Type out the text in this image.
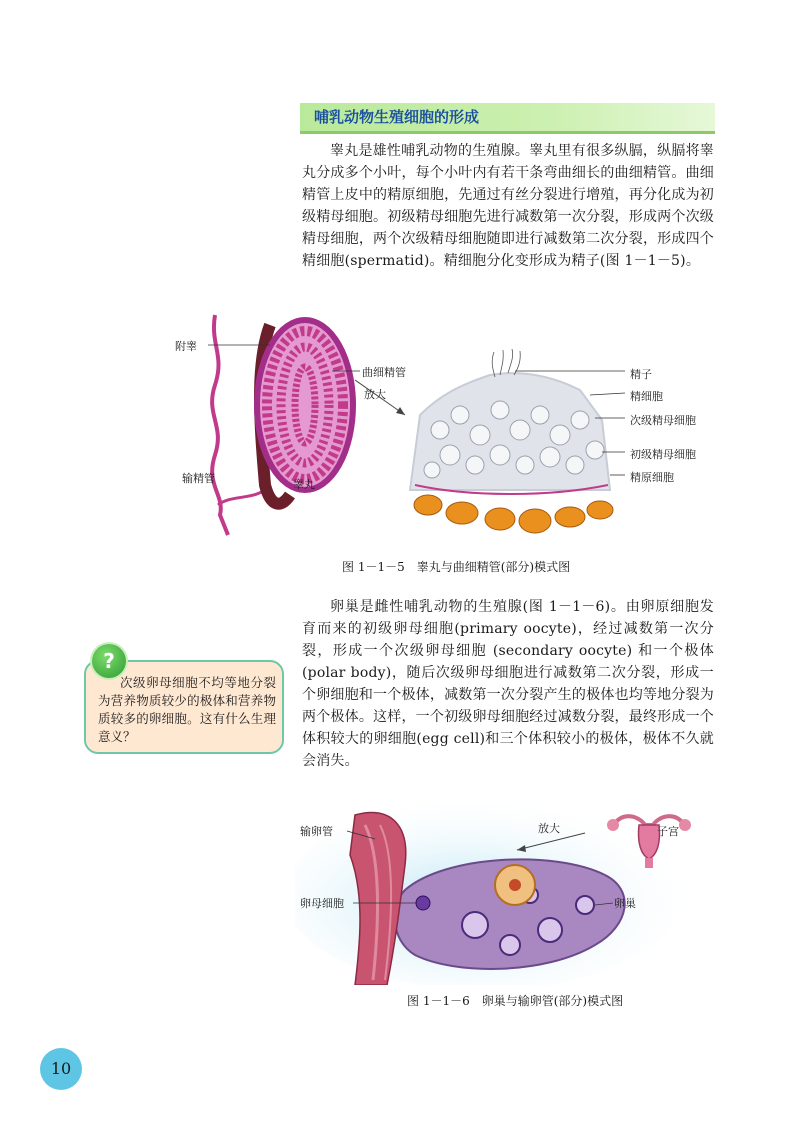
哺乳动物生殖细胞的形成
睾丸是雄性哺乳动物的生殖腺。睾丸里有很多纵膈，纵膈将睾丸分成多个小叶，每个小叶内有若干条弯曲细长的曲细精管。曲细精管上皮中的精原细胞，先通过有丝分裂进行增殖，再分化成为初级精母细胞。初级精母细胞先进行减数第一次分裂，形成两个次级精母细胞，两个次级精母细胞随即进行减数第二次分裂，形成四个精细胞(spermatid)。精细胞分化变形成为精子(图 1－1－5)。
附睾
曲细精管
放大
输精管	睾丸
精子
精细胞
次级精母细胞
初级精母细胞
精原细胞
图 1－1－5　睾丸与曲细精管(部分)模式图
卵巢是雌性哺乳动物的生殖腺(图 1－1－6)。由卵原细胞发育而来的初级卵母细胞(primary oocyte)，经过减数第一次分裂，形成一个次级卵母细胞 (secondary oocyte) 和一个极体(polar body)，随后次级卵母细胞进行减数第二次分裂，形成一个卵细胞和一个极体，减数第一次分裂产生的极体也均等地分裂为两个极体。这样，一个初级卵母细胞经过减数分裂，最终形成一个体积较大的卵细胞(egg cell)和三个体积较小的极体，极体不久就会消失。
次级卵母细胞不均等地分裂为营养物质较少的极体和营养物质较多的卵细胞。这有什么生理意义？
?
输卵管	放大	子宫
卵母细胞	卵巢
图 1－1－6　卵巢与输卵管(部分)模式图
10
